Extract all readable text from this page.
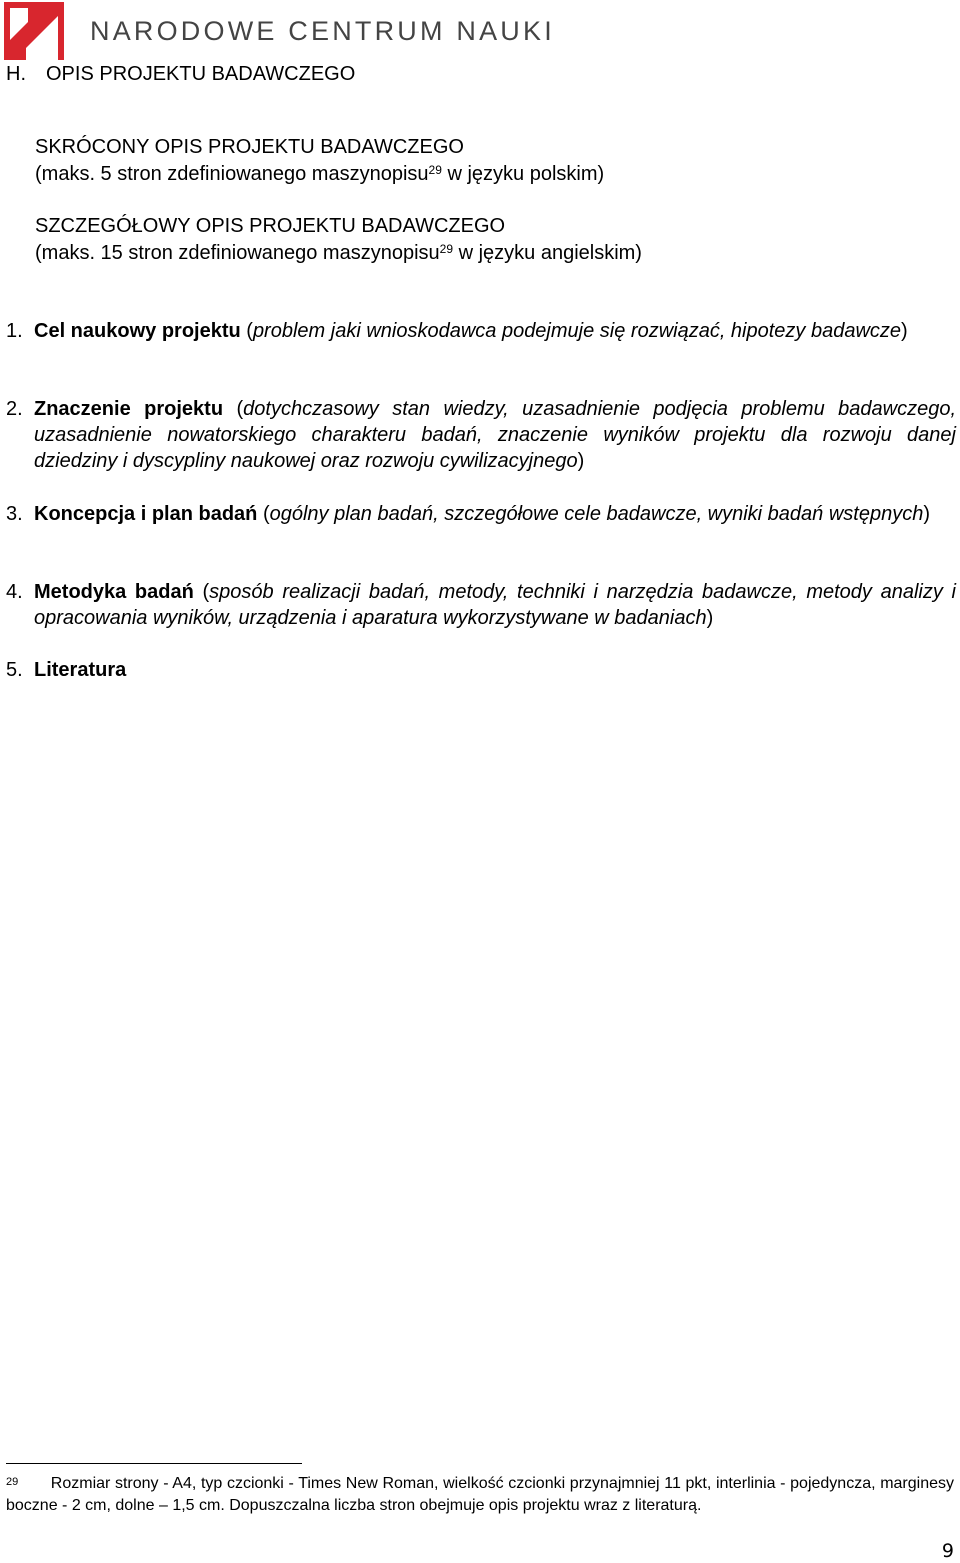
NARODOWE CENTRUM NAUKI
H. OPIS PROJEKTU BADAWCZEGO
SKRÓCONY OPIS PROJEKTU BADAWCZEGO
(maks. 5 stron zdefiniowanego maszynopisu$^{29}$ w języku polskim)
SZCZEGÓŁOWY OPIS PROJEKTU BADAWCZEGO
(maks. 15 stron zdefiniowanego maszynopisu$^{29}$ w języku angielskim)
1. Cel naukowy projektu (problem jaki wnioskodawca podejmuje się rozwiązać, hipotezy badawcze)
2. Znaczenie projektu (dotychczasowy stan wiedzy, uzasadnienie podjęcia problemu badawczego, uzasadnienie nowatorskiego charakteru badań, znaczenie wyników projektu dla rozwoju danej dziedziny i dyscypliny naukowej oraz rozwoju cywilizacyjnego)
3. Koncepcja i plan badań (ogólny plan badań, szczegółowe cele badawcze, wyniki badań wstępnych)
4. Metodyka badań (sposób realizacji badań, metody, techniki i narzędzia badawcze, metody analizy i opracowania wyników, urządzenia i aparatura wykorzystywane w badaniach)
5. Literatura
$^{29}$ Rozmiar strony - A4, typ czcionki - Times New Roman, wielkość czcionki przynajmniej 11 pkt, interlinia - pojedyncza, marginesy boczne - 2 cm, dolne – 1,5 cm. Dopuszczalna liczba stron obejmuje opis projektu wraz z literaturą.
9
